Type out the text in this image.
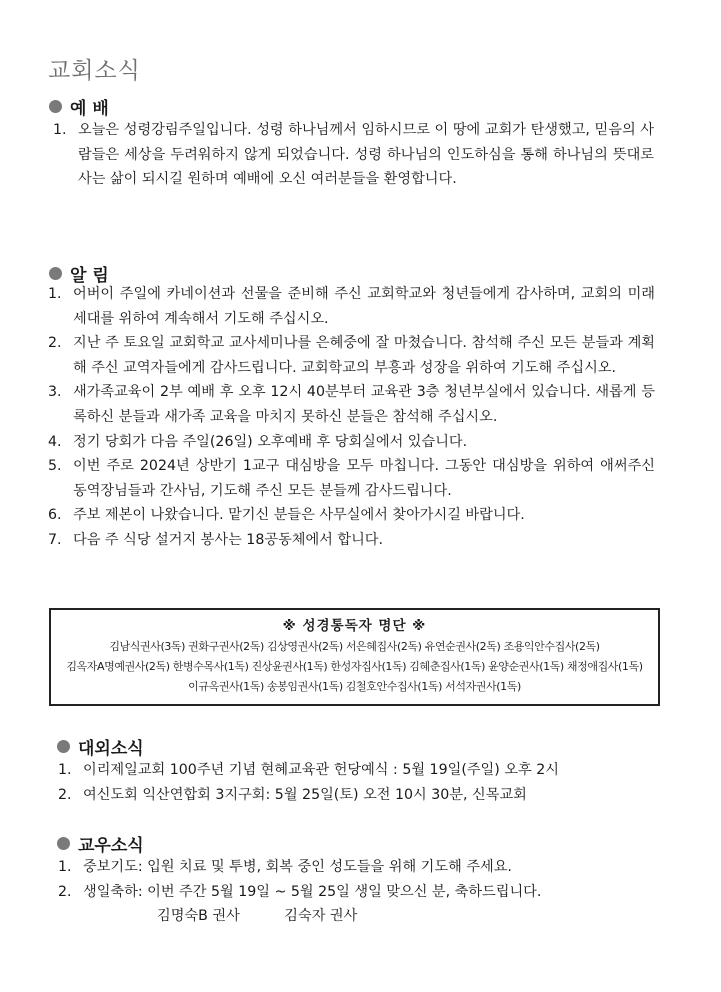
교회소식
예 배
1. 오늘은 성령강림주일입니다. 성령 하나님께서 임하시므로 이 땅에 교회가 탄생했고, 믿음의 사람들은 세상을 두려워하지 않게 되었습니다. 성령 하나님의 인도하심을 통해 하나님의 뜻대로 사는 삶이 되시길 원하며 예배에 오신 여러분들을 환영합니다.
알 림
1. 어버이 주일에 카네이션과 선물을 준비해 주신 교회학교와 청년들에게 감사하며, 교회의 미래세대를 위하여 계속해서 기도해 주십시오.
2. 지난 주 토요일 교회학교 교사세미나를 은혜중에 잘 마쳤습니다. 참석해 주신 모든 분들과 계획해 주신 교역자들에게 감사드립니다. 교회학교의 부흥과 성장을 위하여 기도해 주십시오.
3. 새가족교육이 2부 예배 후 오후 12시 40분부터 교육관 3층 청년부실에서 있습니다. 새롭게 등록하신 분들과 새가족 교육을 마치지 못하신 분들은 참석해 주십시오.
4. 정기 당회가 다음 주일(26일) 오후예배 후 당회실에서 있습니다.
5. 이번 주로 2024년 상반기 1교구 대심방을 모두 마칩니다. 그동안 대심방을 위하여 애써주신 동역장님들과 간사님, 기도해 주신 모든 분들께 감사드립니다.
6. 주보 제본이 나왔습니다. 맡기신 분들은 사무실에서 찾아가시길 바랍니다.
7. 다음 주 식당 설거지 봉사는 18공동체에서 합니다.
※ 성경통독자 명단 ※
김남식권사(3독) 권화구권사(2독) 김상영권사(2독) 서은혜집사(2독) 유연순권사(2독) 조용익안수집사(2독)
김옥자A명예권사(2독) 한병수목사(1독) 진상윤권사(1독) 한성자집사(1독) 김혜춘집사(1독) 윤양순권사(1독) 채정애집사(1독)
이규옥권사(1독) 송봉임권사(1독) 김철호안수집사(1독) 서석자권사(1독)
대외소식
1. 이리제일교회 100주년 기념 현혜교육관 헌당예식 : 5월 19일(주일) 오후 2시
2. 여신도회 익산연합회 3지구회: 5월 25일(토) 오전 10시 30분, 신목교회
교우소식
1. 중보기도: 입원 치료 및 투병, 회복 중인 성도들을 위해 기도해 주세요.
2. 생일축하: 이번 주간 5월 19일 ~ 5월 25일 생일 맞으신 분, 축하드립니다.
김명숙B 권사	김숙자 권사
